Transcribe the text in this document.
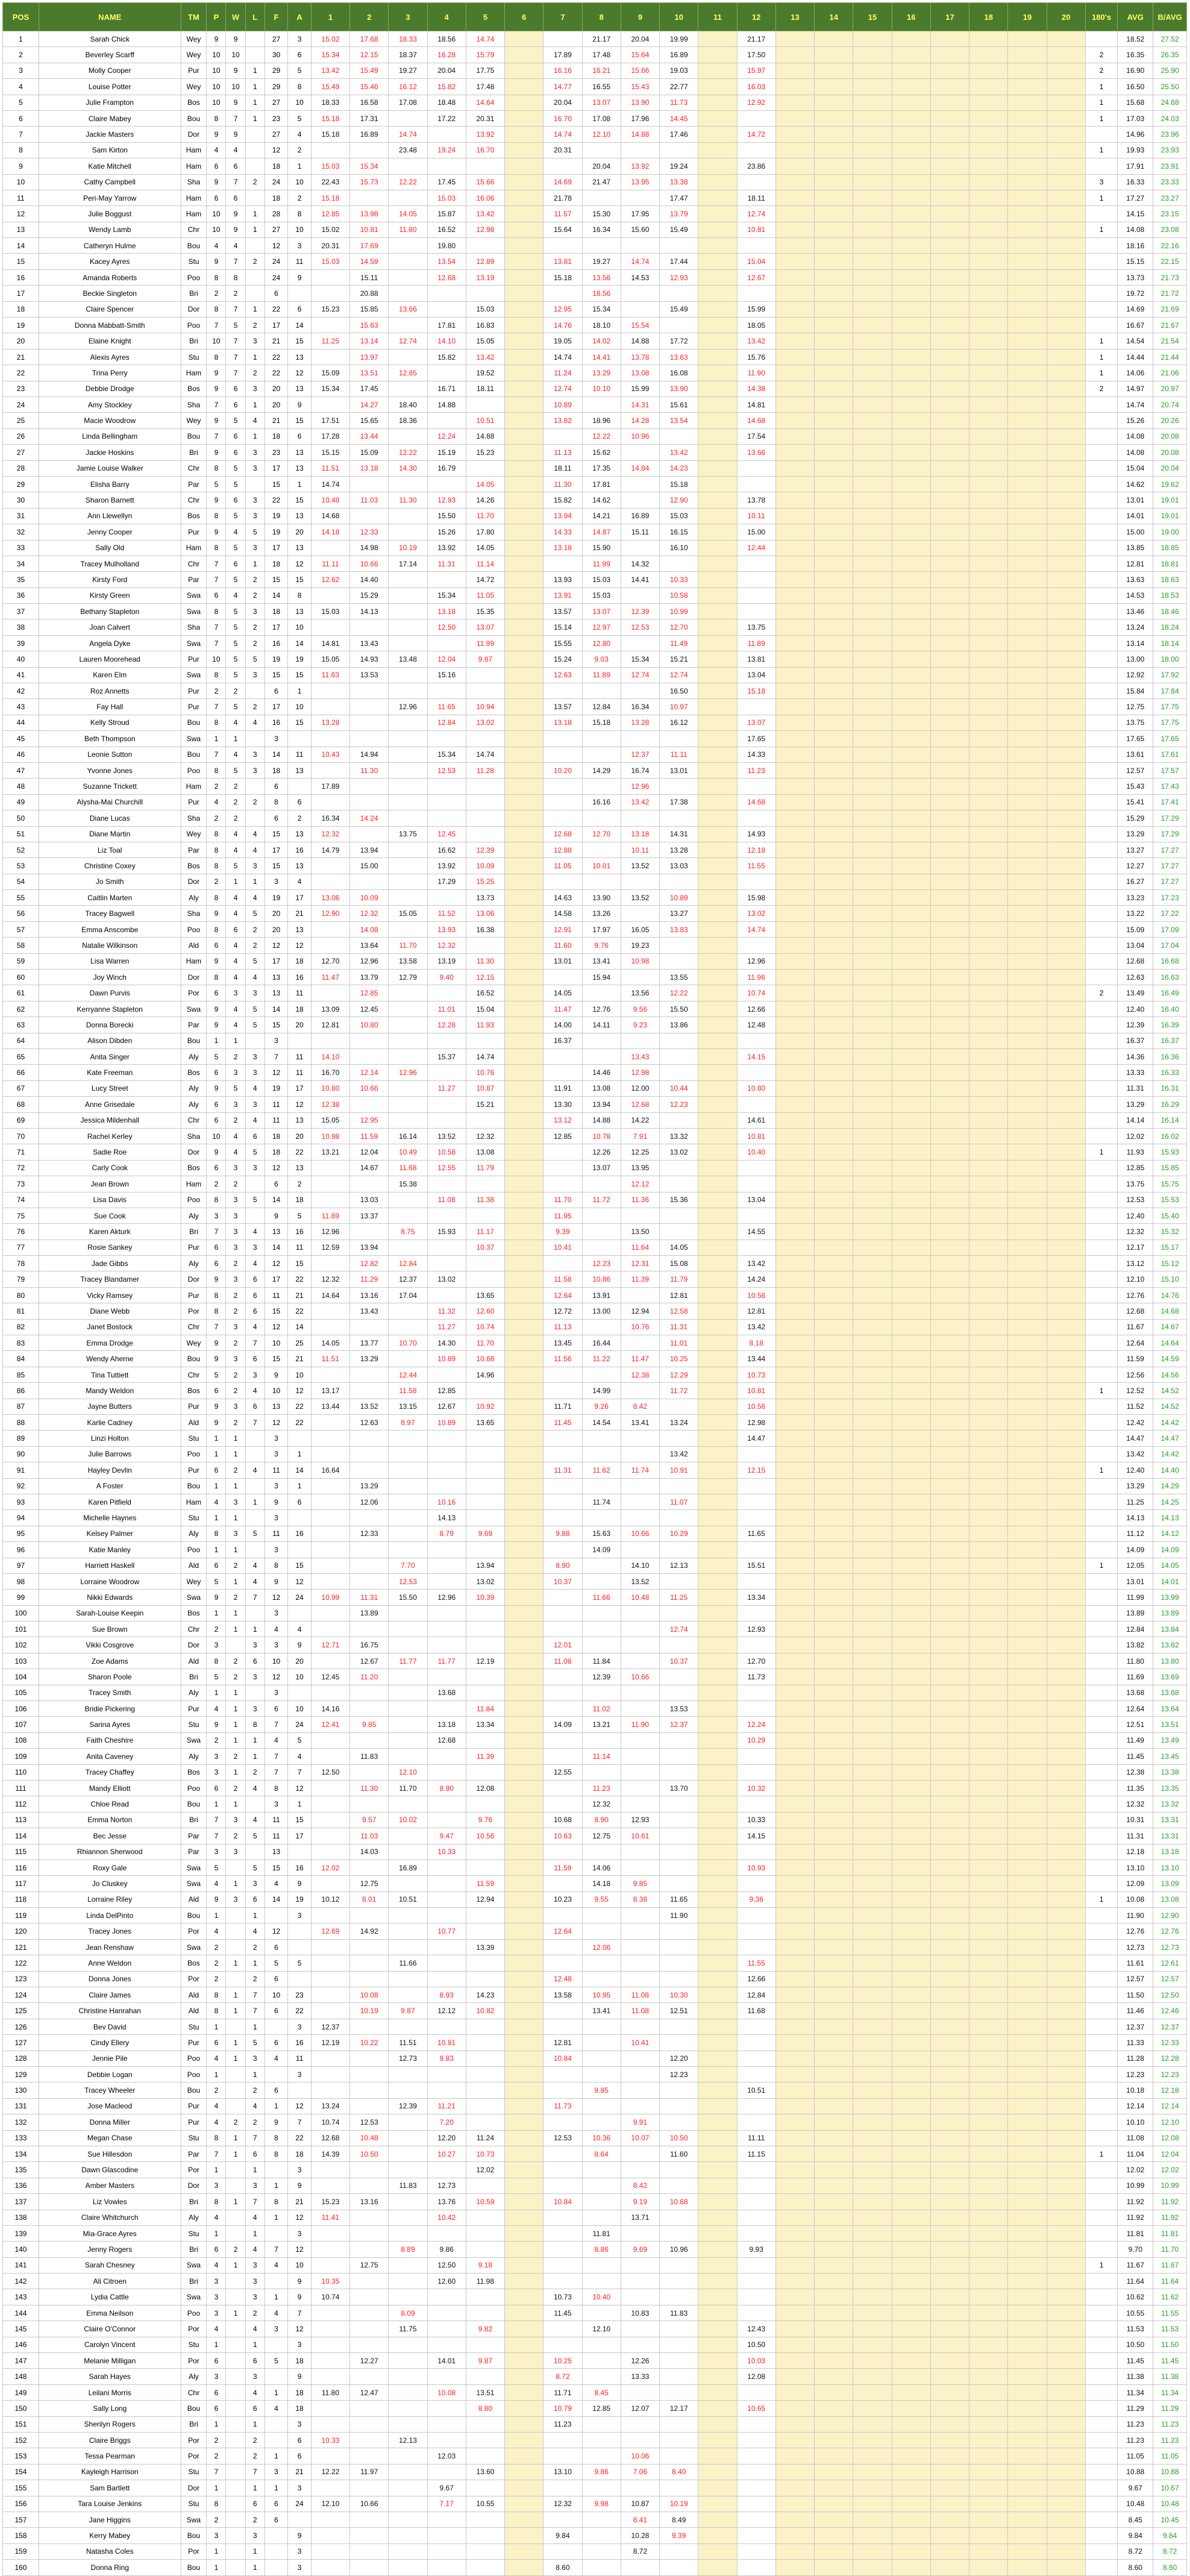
POS	NAME	TM	P	W	L	F	A	1	2	3	4	5	6	7	8	9	10	11	12	13	14	15	16	17	18	19	20	180's	AVG	B/AVG
1	Sarah Chick	Wey	9	9		27	3	15.02	17.68	18.33	18.56	14.74			21.17	20.04	19.99		21.17										18.52	27.52
2	Beverley Scarff	Wey	10	10		30	6	15.34	12.15	18.37	16.28	15.79		17.89	17.48	15.64	16.89		17.50									2	16.35	26.35
3	Molly Cooper	Pur	10	9	1	29	5	13.42	15.49	19.27	20.04	17.75		16.16	16.21	15.66	19.03		15.97									2	16.90	25.90
4	Louise Potter	Wey	10	10	1	29	8	15.49	15.46	16.12	15.82	17.48		14.77	16.55	15.43	22.77		16.03									1	16.50	25.50
5	Julie Frampton	Bos	10	9	1	27	10	18.33	16.58	17.08	18.48	14.64		20.04	13.07	13.90	11.73		12.92									1	15.68	24.68
6	Claire Mabey	Bou	8	7	1	23	5	15.18	17.31		17.22	20.31		16.70	17.08	17.96	14.45											1	17.03	24.03
7	Jackie Masters	Dor	9	9		27	4	15.18	16.89	14.74		13.92		14.74	12.10	14.88	17.46		14.72										14.96	23.96
8	Sam Kirton	Ham	4	4		12	2			23.48	19.24	16.70		20.31														1	19.93	23.93
9	Katie Mitchell	Ham	6	6		18	1	15.03	15.34						20.04	13.92	19.24		23.86										17.91	23.91
10	Cathy Campbell	Sha	9	7	2	24	10	22.43	15.73	12.22	17.45	15.66		14.69	21.47	13.95	13.38											3	16.33	23.33
11	Peri-May Yarrow	Ham	6	6		18	2	15.18			15.03	16.06		21.78			17.47		18.11									1	17.27	23.27
12	Julie Boggust	Ham	10	9	1	28	8	12.85	13.98	14.05	15.87	13.42		11.57	15.30	17.95	13.79		12.74										14.15	23.15
13	Wendy Lamb	Chr	10	9	1	27	10	15.02	10.81	11.80	16.52	12.98		15.64	16.34	15.60	15.49		10.81									1	14.08	23.08
14	Catheryn Hulme	Bou	4	4		12	3	20.31	17.69		19.80																		18.16	22.16
15	Kacey Ayres	Stu	9	7	2	24	11	15.03	14.59		13.54	12.89		13.81	19.27	14.74	17.44		15.04										15.15	22.15
16	Amanda Roberts	Poo	8	8		24	9		15.11		12.68	13.19		15.18	13.56	14.53	12.93		12.67										13.73	21.73
17	Beckie Singleton	Bri	2	2		6			20.88						18.56														19.72	21.72
18	Claire Spencer	Dor	8	7	1	22	6	15.23	15.85	13.66		15.03		12.95	15.34		15.49		15.99										14.69	21.69
19	Donna Mabbatt-Smith	Poo	7	5	2	17	14		15.63		17.81	16.83		14.76	18.10	15.54			18.05										16.67	21.67
20	Elaine Knight	Bri	10	7	3	21	15	11.25	13.14	12.74	14.10	15.05		19.05	14.02	14.88	17.72		13.42									1	14.54	21.54
21	Alexis Ayres	Stu	8	7	1	22	13		13.97		15.82	13.42		14.74	14.41	13.78	13.63		15.76									1	14.44	21.44
22	Trina Perry	Ham	9	7	2	22	12	15.09	13.51	12.85		19.52		11.24	13.29	13.08	16.08		11.90									1	14.06	21.06
23	Debbie Drodge	Bos	9	6	3	20	13	15.34	17.45		16.71	18.11		12.74	10.10	15.99	13.90		14.38									2	14.97	20.97
24	Amy Stockley	Sha	7	6	1	20	9		14.27	18.40	14.88			10.89		14.31	15.61		14.81										14.74	20.74
25	Macie Woodrow	Wey	9	5	4	21	15	17.51	15.65	18.36		10.51		13.82	18.96	14.28	13.54		14.68										15.26	20.26
26	Linda Bellingham	Bou	7	6	1	18	6	17.28	13.44		12.24	14.88			12.22	10.96			17.54										14.08	20.08
27	Jackie Hoskins	Bri	9	6	3	23	13	15.15	15.09	12.22	15.19	15.23		11.13	15.62		13.42		13.66										14.08	20.08
28	Jamie Louise Walker	Chr	8	5	3	17	13	11.51	13.18	14.30	16.79			18.11	17.35	14.84	14.23												15.04	20.04
29	Elisha Barry	Par	5	5		15	1	14.74				14.05		11.30	17.81		15.18												14.62	19.62
30	Sharon Barnett	Chr	9	6	3	22	15	10.48	11.03	11.30	12.93	14.26		15.82	14.62		12.90		13.78										13.01	19.01
31	Ann Llewellyn	Bos	8	5	3	19	13	14.68			15.50	11.70		13.94	14.21	16.89	15.03		10.11										14.01	19.01
32	Jenny Cooper	Pur	9	4	5	19	20	14.18	12.33		15.26	17.80		14.33	14.87	15.11	16.15		15.00										15.00	19.00
33	Sally Old	Ham	8	5	3	17	13		14.98	10.19	13.92	14.05		13.18	15.90		16.10		12.44										13.85	18.85
34	Tracey Mulholland	Chr	7	6	1	18	12	11.11	10.66	17.14	11.31	11.14			11.99	14.32													12.81	18.81
35	Kirsty Ford	Par	7	5	2	15	15	12.62	14.40			14.72		13.93	15.03	14.41	10.33												13.63	18.63
36	Kirsty Green	Swa	6	4	2	14	8		15.29		15.34	11.05		13.91	15.03		10.58												14.53	18.53
37	Bethany Stapleton	Swa	8	5	3	18	13	15.03	14.13		13.18	15.35		13.57	13.07	12.39	10.99												13.46	18.46
38	Joan Calvert	Sha	7	5	2	17	10				12.50	13.07		15.14	12.97	12.53	12.70		13.75										13.24	18.24
39	Angela Dyke	Swa	7	5	2	16	14	14.81	13.43			11.99		15.55	12.80		11.49		11.89										13.14	18.14
40	Lauren Moorehead	Pur	10	5	5	19	19	15.05	14.93	13.48	12.04	9.87		15.24	9.03	15.34	15.21		13.81										13.00	18.00
41	Karen Elm	Swa	8	5	3	15	15	11.63	13.53		15.16			12.63	11.89	12.74	12.74		13.04										12.92	17.92
42	Roz Annetts	Pur	2	2		6	1										16.50		15.18										15.84	17.84
43	Fay Hall	Pur	7	5	2	17	10			12.96	11.65	10.94		13.57	12.84	16.34	10.97												12.75	17.75
44	Kelly Stroud	Bou	8	4	4	16	15	13.28			12.84	13.02		13.18	15.18	13.28	16.12		13.07										13.75	17.75
45	Beth Thompson	Swa	1	1		3													17.65										17.65	17.65
46	Leonie Sutton	Bou	7	4	3	14	11	10.43	14.94		15.34	14.74				12.37	11.11		14.33										13.61	17.61
47	Yvonne Jones	Poo	8	5	3	18	13		11.30		12.53	11.28		10.20	14.29	16.74	13.01		11.23										12.57	17.57
48	Suzanne Trickett	Ham	2	2		6		17.89								12.96													15.43	17.43
49	Alysha-Mai Churchill	Pur	4	2	2	8	6								16.16	13.42	17.38		14.68										15.41	17.41
50	Diane Lucas	Sha	2	2		6	2	16.34	14.24																				15.29	17.29
51	Diane Martin	Wey	8	4	4	15	13	12.32		13.75	12.45			12.68	12.70	13.18	14.31		14.93										13.29	17.29
52	Liz Toal	Par	8	4	4	17	16	14.79	13.94		16.62	12.39		12.88		10.11	13.28		12.18										13.27	17.27
53	Christine Coxey	Bos	8	5	3	15	13		15.00		13.92	10.09		11.05	10.01	13.52	13.03		11.55										12.27	17.27
54	Jo Smith	Dor	2	1	1	3	4				17.29	15.25																	16.27	17.27
55	Caitlin Marten	Aly	8	4	4	19	17	13.06	10.09			13.73		14.63	13.90	13.52	10.89		15.98										13.23	17.23
56	Tracey Bagwell	Sha	9	4	5	20	21	12.90	12.32	15.05	11.52	13.06		14.58	13.26		13.27		13.02										13.22	17.22
57	Emma Anscombe	Poo	8	6	2	20	13		14.08		13.93	16.38		12.91	17.97	16.05	13.83		14.74										15.09	17.09
58	Natalie Wilkinson	Ald	6	4	2	12	12		13.64	11.70	12.32			11.60	9.76	19.23													13.04	17.04
59	Lisa Warren	Ham	9	4	5	17	18	12.70	12.96	13.58	13.19	11.30		13.01	13.41	10.98			12.96										12.68	16.68
60	Joy Winch	Dor	8	4	4	13	16	11.47	13.79	12.79	9.40	12.15			15.94		13.55		11.96										12.63	16.63
61	Dawn Purvis	Por	6	3	3	13	11		12.85			16.52		14.05		13.56	12.22		10.74									2	13.49	16.49
62	Kerryanne Stapleton	Swa	9	4	5	14	18	13.09	12.45		11.01	15.04		11.47	12.76	9.56	15.50		12.66										12.40	16.40
63	Donna Borecki	Par	9	4	5	15	20	12.81	10.80		12.28	11.93		14.00	14.11	9.23	13.86		12.48										12.39	16.39
64	Alison Dibden	Bou	1	1		3								16.37															16.37	16.37
65	Anita Singer	Aly	5	2	3	7	11	14.10			15.37	14.74				13.43			14.15										14.36	16.36
66	Kate Freeman	Bos	6	3	3	12	11	16.70	12.14	12.96		10.76			14.46	12.98													13.33	16.33
67	Lucy Street	Aly	9	5	4	19	17	10.80	10.66		11.27	10.87		11.91	13.08	12.00	10.44		10.80										11.31	16.31
68	Anne Grisedale	Aly	6	3	3	11	12	12.38				15.21		13.30	13.94	12.68	12.23												13.29	16.29
69	Jessica Mildenhall	Chr	6	2	4	11	13	15.05	12.95					13.12	14.88	14.22			14.61										14.14	16.14
70	Rachel Kerley	Sha	10	4	6	18	20	10.98	11.59	16.14	13.52	12.32		12.85	10.78	7.91	13.32		10.81										12.02	16.02
71	Sadie Roe	Dor	9	4	5	18	22	13.21	12.04	10.49	10.58	13.08			12.26	12.25	13.02		10.40									1	11.93	15.93
72	Carly Cook	Bos	6	3	3	12	13		14.67	11.68	12.55	11.79			13.07	13.95													12.85	15.85
73	Jean Brown	Ham	2	2		6	2			15.38						12.12													13.75	15.75
74	Lisa Davis	Poo	8	3	5	14	18		13.03		11.08	11.38		11.70	11.72	11.36	15.36		13.04										12.53	15.53
75	Sue Cook	Aly	3	3		9	5	11.89	13.37					11.95															12.40	15.40
76	Karen Akturk	Bri	7	3	4	13	16	12.96		8.75	15.93	11.17		9.39		13.50			14.55										12.32	15.32
77	Rosie Sankey	Pur	6	3	3	14	11	12.59	13.94			10.37		10.41		11.64	14.05												12.17	15.17
78	Jade Gibbs	Aly	6	2	4	12	15		12.82	12.84					12.23	12.31	15.08		13.42										13.12	15.12
79	Tracey Blandamer	Dor	9	3	6	17	22	12.32	11.29	12.37	13.02			11.58	10.86	11.39	11.79		14.24										12.10	15.10
80	Vicky Ramsey	Pur	8	2	6	11	21	14.64	13.16	17.04		13.65		12.64	13.91		12.81		10.56										12.76	14.76
81	Diane Webb	Por	8	2	6	15	22		13.43		11.32	12.60		12.72	13.00	12.94	12.58		12.81										12.68	14.68
82	Janet Bostock	Chr	7	3	4	12	14				11.27	10.74		11.13		10.76	11.31		13.42										11.67	14.67
83	Emma Drodge	Wey	9	2	7	10	25	14.05	13.77	10.70	14.30	11.70		13.45	16.44		11.01		8.18										12.64	14.64
84	Wendy Aherne	Bou	9	3	6	15	21	11.51	13.29		10.89	10.68		11.56	11.22	11.47	10.25		13.44										11.59	14.59
85	Tina Tuttiett	Chr	5	2	3	9	10			12.44		14.96				12.38	12.29		10.73										12.56	14.56
86	Mandy Weldon	Bos	6	2	4	10	12	13.17		11.58	12.85				14.99		11.72		10.81									1	12.52	14.52
87	Jayne Butters	Pur	9	3	6	13	22	13.44	13.52	13.15	12.67	10.92		11.71	9.26	8.42			10.56										11.52	14.52
88	Karlie Cadney	Ald	9	2	7	12	22		12.63	8.97	10.89	13.65		11.45	14.54	13.41	13.24		12.98										12.42	14.42
89	Linzi Holton	Stu	1	1		3													14.47										14.47	14.47
90	Julie Barrows	Poo	1	1		3	1										13.42												13.42	14.42
91	Hayley Devlin	Pur	6	2	4	11	14	16.64						11.31	11.62	11.74	10.91		12.15									1	12.40	14.40
92	A Foster	Bou	1	1		3	1		13.29																				13.29	14.29
93	Karen Pitfield	Ham	4	3	1	9	6		12.06		10.16				11.74		11.07												11.25	14.25
94	Michelle Haynes	Stu	1	1		3					14.13																		14.13	14.13
95	Kelsey Palmer	Aly	8	3	5	11	16		12.33		8.79	9.69		9.88	15.63	10.66	10.29		11.65										11.12	14.12
96	Katie Manley	Poo	1	1		3									14.09														14.09	14.09
97	Harriett Haskell	Ald	6	2	4	8	15			7.70		13.94		8.90		14.10	12.13		15.51									1	12.05	14.05
98	Lorraine Woodrow	Wey	5	1	4	9	12			12.53		13.02		10.37		13.52													13.01	14.01
99	Nikki Edwards	Swa	9	2	7	12	24	10.99	11.31	15.50	12.96	10.39			11.66	10.48	11.25		13.34										11.99	13.99
100	Sarah-Louise Keepin	Bos	1	1		3			13.89																				13.89	13.89
101	Sue Brown	Chr	2	1	1	4	4										12.74		12.93										12.84	13.84
102	Vikki Cosgrove	Dor	3		3	3	9	12.71	16.75					12.01															13.82	13.82
103	Zoe Adams	Ald	8	2	6	10	20		12.67	11.77	11.77	12.19		11.08	11.84		10.37		12.70										11.80	13.80
104	Sharon Poole	Bri	5	2	3	12	10	12.45	11.20						12.39	10.66			11.73										11.69	13.69
105	Tracey Smith	Aly	1	1		3					13.68																		13.68	13.68
106	Bridie Pickering	Pur	4	1	3	6	10	14.16				11.84			11.02		13.53												12.64	13.64
107	Sarina Ayres	Stu	9	1	8	7	24	12.41	9.85		13.18	13.34		14.09	13.21	11.90	12.37		12.24										12.51	13.51
108	Faith Cheshire	Swa	2	1	1	4	5				12.68								10.29										11.49	13.49
109	Anita Caveney	Aly	3	2	1	7	4		11.83			11.39			11.14														11.45	13.45
110	Tracey Chaffey	Bos	3	1	2	7	7	12.50		12.10				12.55															12.38	13.38
111	Mandy Elliott	Poo	6	2	4	8	12		11.30	11.70	8.90	12.08			11.23		13.70		10.32										11.35	13.35
112	Chloe Read	Bou	1	1		3	1								12.32														12.32	13.32
113	Emma Norton	Bri	7	3	4	11	15		9.57	10.02		9.76		10.68	8.90	12.93			10.33										10.31	13.31
114	Bec Jesse	Par	7	2	5	11	17		11.03		9.47	10.56		10.63	12.75	10.61			14.15										11.31	13.31
115	Rhiannon Sherwood	Par	3	3		13			14.03		10.33																		12.18	13.18
116	Roxy Gale	Swa	5		5	15	16	12.02		16.89				11.59	14.06				10.93										13.10	13.10
117	Jo Cluskey	Swa	4	1	3	4	9		12.75			11.59			14.18	9.85													12.09	13.09
118	Lorraine Riley	Ald	9	3	6	14	19	10.12	8.01	10.51		12.94		10.23	9.55	8.38	11.65		9.36									1	10.08	13.08
119	Linda DelPinto	Bou	1		1		3										11.90												11.90	12.90
120	Tracey Jones	Por	4		4	12		12.69	14.92		10.77			12.64															12.76	12.76
121	Jean Renshaw	Swa	2		2	6						13.39			12.06														12.73	12.73
122	Anne Weldon	Bos	2	1	1	5	5			11.66									11.55										11.61	12.61
123	Donna Jones	Por	2		2	6								12.48					12.66										12.57	12.57
124	Claire James	Ald	8	1	7	10	23		10.08		8.93	14.23		13.58	10.95	11.08	10.30		12.84										11.50	12.50
125	Christine Hanrahan	Ald	8	1	7	6	22		10.19	9.87	12.12	10.82			13.41	11.08	12.51		11.68										11.46	12.46
126	Bev David	Stu	1		1		3	12.37																					12.37	12.37
127	Cindy Ellery	Pur	6	1	5	6	16	12.19	10.22	11.51	10.81			12.81		10.41													11.33	12.33
128	Jennie Pile	Poo	4	1	3	4	11			12.73	9.83			10.84			12.20												11.28	12.28
129	Debbie Logan	Poo	1		1		3										12.23												12.23	12.23
130	Tracey Wheeler	Bou	2		2	6									9.85				10.51										10.18	12.18
131	Jose Macleod	Pur	4		4	1	12	13.24		12.39	11.21			11.73															12.14	12.14
132	Donna Miller	Pur	4	2	2	9	7	10.74	12.53		7.20					9.91													10.10	12.10
133	Megan Chase	Stu	8	1	7	8	22	12.68	10.48		12.20	11.24		12.53	10.36	10.07	10.50		11.11										11.08	12.08
134	Sue Hillesdon	Par	7	1	6	8	18	14.39	10.50		10.27	10.73			8.64		11.60		11.15									1	11.04	12.04
135	Dawn Glascodine	Por	1		1		3					12.02																	12.02	12.02
136	Amber Masters	Dor	3		3	1	9			11.83	12.73					8.42													10.99	10.99
137	Liz Vowles	Bri	8	1	7	8	21	15.23	13.16		13.76	10.59		10.84		9.19	10.68												11.92	11.92
138	Claire Whitchurch	Aly	4		4	1	12	11.41			10.42					13.71													11.92	11.92
139	Mia-Grace Ayres	Stu	1		1		3								11.81														11.81	11.81
140	Jenny Rogers	Bri	6	2	4	7	12			8.89	9.86				8.86	9.69	10.96		9.93										9.70	11.70
141	Sarah Chesney	Swa	4	1	3	4	10		12.75		12.50	9.18																1	11.67	11.67
142	Ali Citroen	Bri	3		3		9	10.35			12.60	11.98																	11.64	11.64
143	Lydia Cattle	Swa	3		3	1	9	10.74						10.73	10.40														10.62	11.62
144	Emma Neilson	Poo	3	1	2	4	7			8.09				11.45		10.83	11.83												10.55	11.55
145	Claire O'Connor	Por	4		4	3	12			11.75		9.82			12.10				12.43										11.53	11.53
146	Carolyn Vincent	Stu	1		1		3												10.50										10.50	11.50
147	Melanie Milligan	Por	6		6	5	18		12.27		14.01	9.87		10.25		12.26			10.03										11.45	11.45
148	Sarah Hayes	Aly	3		3		9							8.72		13.33			12.08										11.38	11.38
149	Leilani Morris	Chr	6		4	1	18	11.80	12.47		10.08	13.51		11.71	8.45														11.34	11.34
150	Sally Long	Bou	6		6	4	18					8.80		10.79	12.85	12.07	12.17		10.65										11.29	11.29
151	Sherilyn Rogers	Bri	1		1		3							11.23															11.23	11.23
152	Claire Briggs	Por	2		2		6	10.33		12.13																			11.23	11.23
153	Tessa Pearman	Por	2		2	1	6				12.03					10.06													11.05	11.05
154	Kayleigh Harrison	Stu	7		7	3	21	12.22	11.97			13.60		13.10	9.86	7.06	8.40												10.88	10.88
155	Sam Bartlett	Dor	1		1	1	3				9.67																		9.67	10.67
156	Tara Louise Jenkins	Stu	8		6	6	24	12.10	10.66		7.17	10.55		12.32	9.98	10.87	10.19												10.48	10.48
157	Jane Higgins	Swa	2		2	6										8.41	8.49												8.45	10.45
158	Kerry Mabey	Bou	3		3		9							9.84		10.28	9.39												9.84	9.84
159	Natasha Coles	Por	1		1		3									8.72													8.72	8.72
160	Donna Ring	Bou	1		1		3							8.60															8.60	8.60
